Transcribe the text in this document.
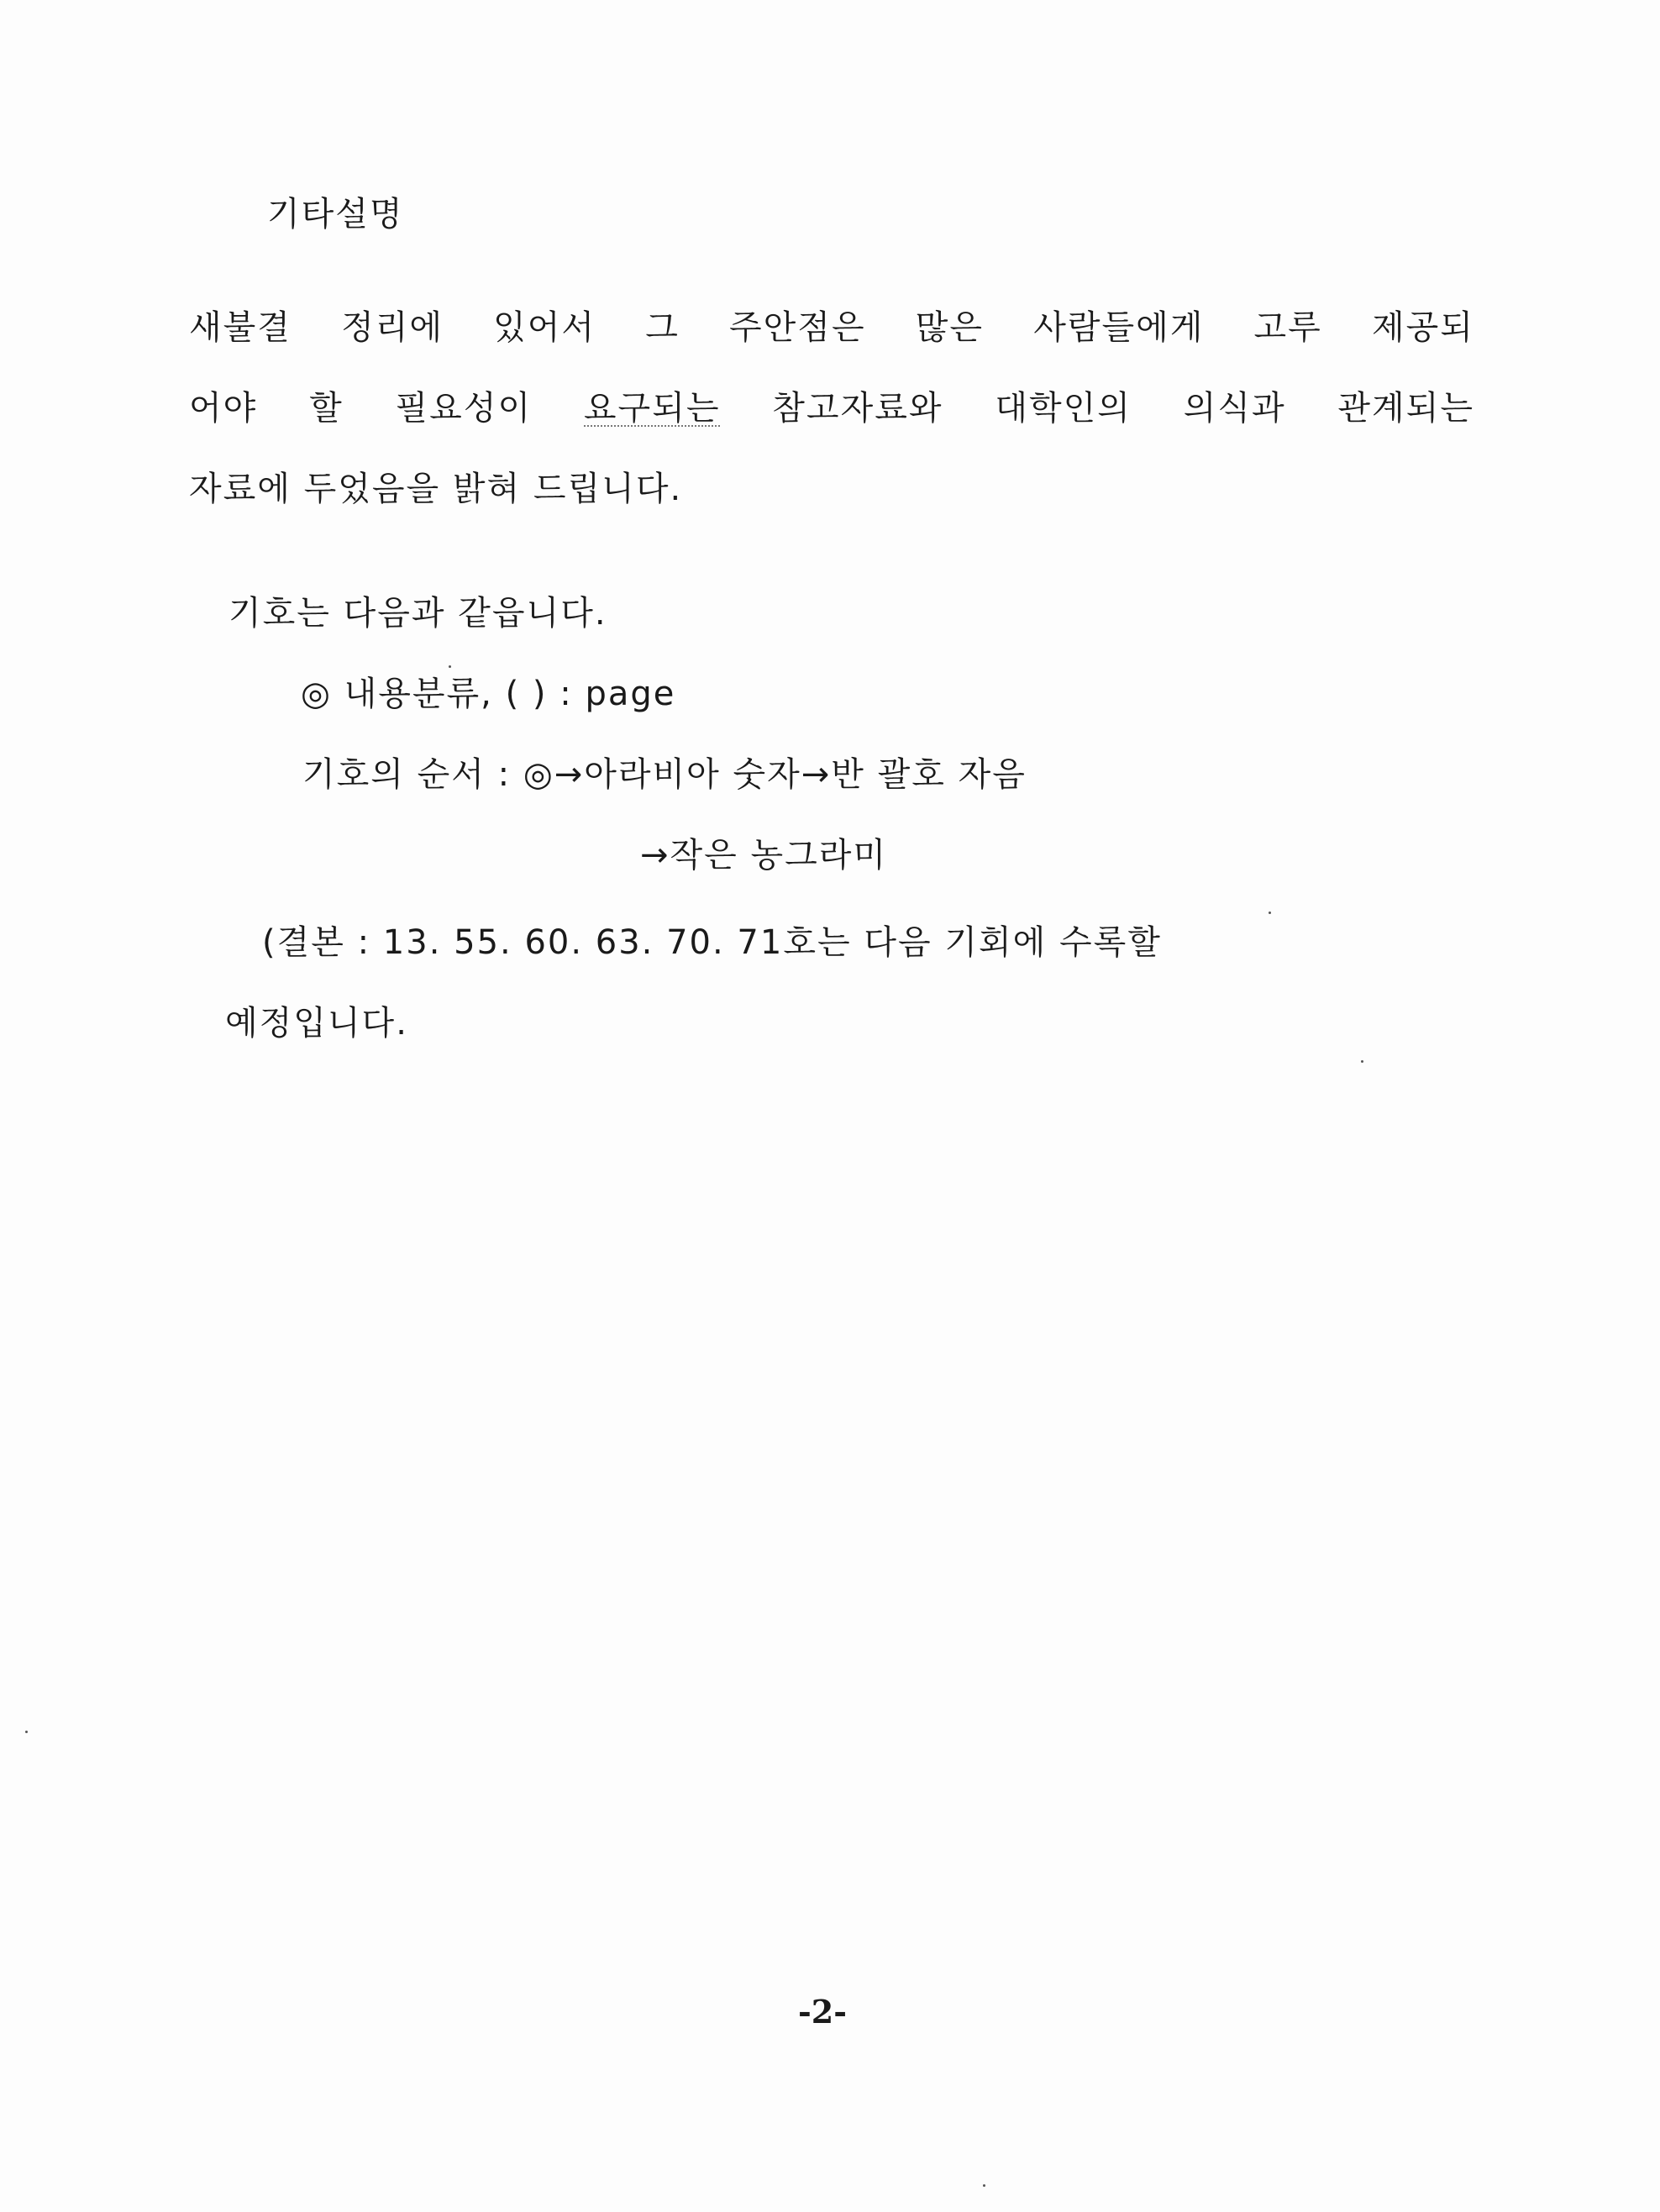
기타설명
새불결 정리에 있어서 그 주안점은 많은 사람들에게 고루 제공되
어야 할 필요성이 요구되는 참고자료와 대학인의 의식과 관계되는
자료에 두었음을 밝혀 드립니다.
기호는 다음과 같읍니다.
◎ 내용분류, ( ) : page
기호의 순서 : ◎→아라비아 숫자→반 괄호 자음
→작은 농그라미
(결본 : 13. 55. 60. 63. 70. 71호는 다음 기회에 수록할
예정입니다.
-2-
